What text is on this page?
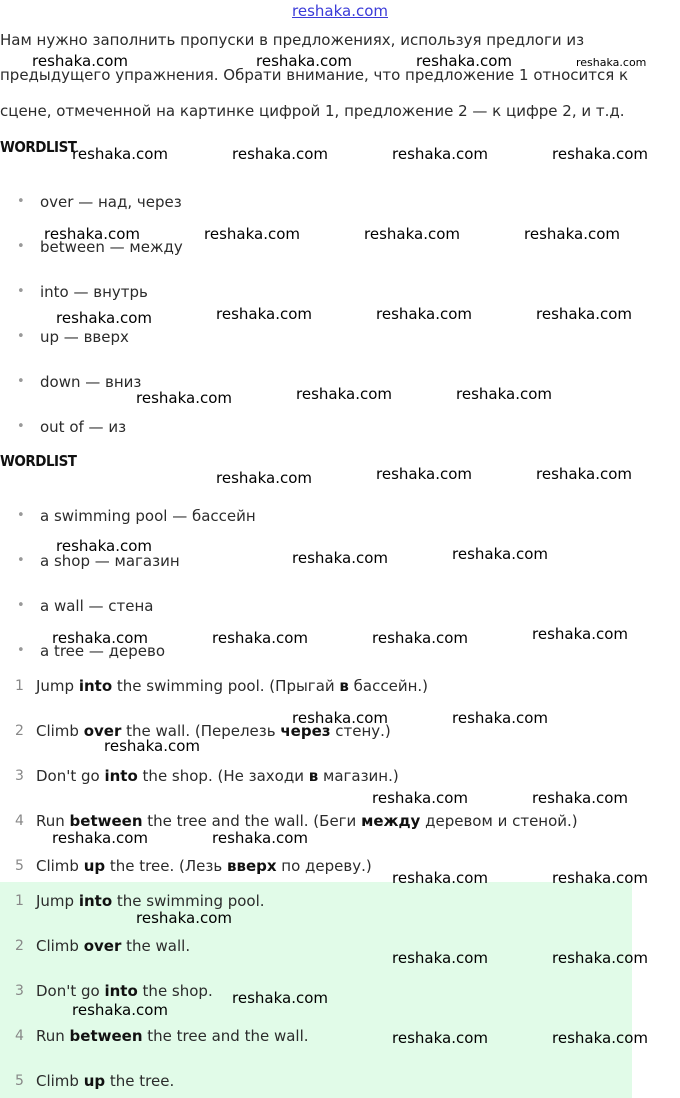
reshaka.com
Нам нужно заполнить пропуски в предложениях, используя предлоги из
предыдущего упражнения. Обрати внимание, что предложение 1 относится к
сцене, отмеченной на картинке цифрой 1, предложение 2 — к цифре 2, и т.д.
WORDLIST
WORDLIST
• over — над, через
• between — между
• into — внутрь
• up — вверх
• down — вниз
• out of — из
• a swimming pool — бассейн
• a shop — магазин
• a wall — стена
• a tree — дерево
1 Jump into the swimming pool. (Прыгай в бассейн.)
2 Climb over the wall. (Перелезь через стену.)
3 Don't go into the shop. (Не заходи в магазин.)
4 Run between the tree and the wall. (Беги между деревом и стеной.)
5 Climb up the tree. (Лезь вверх по дереву.)
1 Jump into the swimming pool.
2 Climb over the wall.
3 Don't go into the shop.
4 Run between the tree and the wall.
5 Climb up the tree.
reshaka.com	reshaka.com	reshaka.com	reshaka.com
reshaka.com	reshaka.com	reshaka.com	reshaka.com
reshaka.com	reshaka.com	reshaka.com	reshaka.com
reshaka.com	reshaka.com	reshaka.com	reshaka.com
reshaka.com	reshaka.com	reshaka.com
reshaka.com	reshaka.com	reshaka.com
reshaka.com
reshaka.com	reshaka.com
reshaka.com	reshaka.com	reshaka.com	reshaka.com
reshaka.com	reshaka.com
reshaka.com
reshaka.com	reshaka.com
reshaka.com	reshaka.com
reshaka.com	reshaka.com
reshaka.com
reshaka.com	reshaka.com
reshaka.com
reshaka.com
reshaka.com	reshaka.com
